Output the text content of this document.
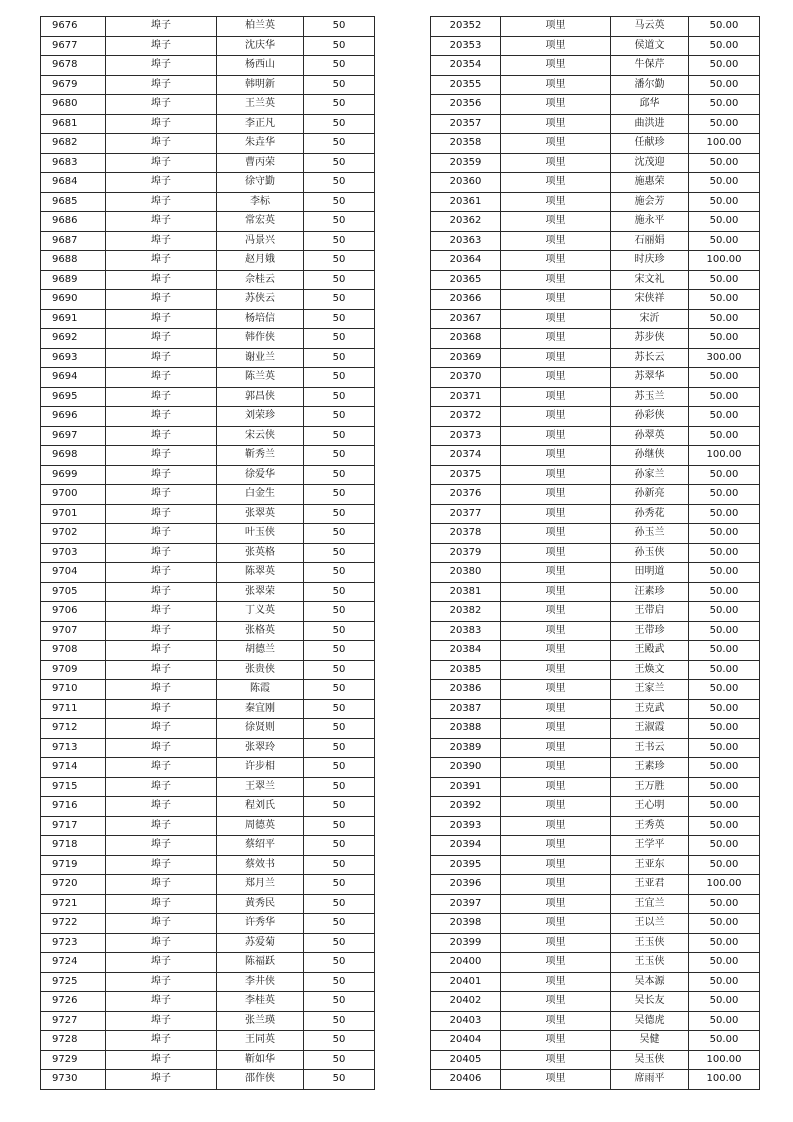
9676	埠子	柏兰英	50
9677	埠子	沈庆华	50
9678	埠子	杨西山	50
9679	埠子	韩明新	50
9680	埠子	王兰英	50
9681	埠子	李正凡	50
9682	埠子	朱垚华	50
9683	埠子	曹丙荣	50
9684	埠子	徐守勤	50
9685	埠子	李标	50
9686	埠子	常宏英	50
9687	埠子	冯景兴	50
9688	埠子	赵月娥	50
9689	埠子	佘桂云	50
9690	埠子	苏侠云	50
9691	埠子	杨培信	50
9692	埠子	韩作侠	50
9693	埠子	谢业兰	50
9694	埠子	陈兰英	50
9695	埠子	郭昌侠	50
9696	埠子	刘荣珍	50
9697	埠子	宋云侠	50
9698	埠子	靳秀兰	50
9699	埠子	徐爱华	50
9700	埠子	白金生	50
9701	埠子	张翠英	50
9702	埠子	叶玉侠	50
9703	埠子	张英格	50
9704	埠子	陈翠英	50
9705	埠子	张翠荣	50
9706	埠子	丁义英	50
9707	埠子	张格英	50
9708	埠子	胡德兰	50
9709	埠子	张贵侠	50
9710	埠子	陈霞	50
9711	埠子	秦宜刚	50
9712	埠子	徐贤则	50
9713	埠子	张翠玲	50
9714	埠子	许步相	50
9715	埠子	王翠兰	50
9716	埠子	程刘氏	50
9717	埠子	周德英	50
9718	埠子	蔡绍平	50
9719	埠子	蔡效书	50
9720	埠子	郑月兰	50
9721	埠子	黄秀民	50
9722	埠子	许秀华	50
9723	埠子	苏爱菊	50
9724	埠子	陈福跃	50
9725	埠子	李井侠	50
9726	埠子	李桂英	50
9727	埠子	张兰瑛	50
9728	埠子	王同英	50
9729	埠子	靳如华	50
9730	埠子	邵作侠	50
20352	项里	马云英	50.00
20353	项里	侯道文	50.00
20354	项里	牛保芹	50.00
20355	项里	潘尔勤	50.00
20356	项里	邱华	50.00
20357	项里	曲洪进	50.00
20358	项里	任献珍	100.00
20359	项里	沈茂迎	50.00
20360	项里	施惠荣	50.00
20361	项里	施会芳	50.00
20362	项里	施永平	50.00
20363	项里	石丽娟	50.00
20364	项里	时庆珍	100.00
20365	项里	宋文礼	50.00
20366	项里	宋侠祥	50.00
20367	项里	宋沂	50.00
20368	项里	苏步侠	50.00
20369	项里	苏长云	300.00
20370	项里	苏翠华	50.00
20371	项里	苏玉兰	50.00
20372	项里	孙彩侠	50.00
20373	项里	孙翠英	50.00
20374	项里	孙继侠	100.00
20375	项里	孙家兰	50.00
20376	项里	孙新亮	50.00
20377	项里	孙秀花	50.00
20378	项里	孙玉兰	50.00
20379	项里	孙玉侠	50.00
20380	项里	田明道	50.00
20381	项里	汪素珍	50.00
20382	项里	王带启	50.00
20383	项里	王带珍	50.00
20384	项里	王殿武	50.00
20385	项里	王焕文	50.00
20386	项里	王家兰	50.00
20387	项里	王克武	50.00
20388	项里	王淑霞	50.00
20389	项里	王书云	50.00
20390	项里	王素珍	50.00
20391	项里	王万胜	50.00
20392	项里	王心明	50.00
20393	项里	王秀英	50.00
20394	项里	王学平	50.00
20395	项里	王亚东	50.00
20396	项里	王亚君	100.00
20397	项里	王宜兰	50.00
20398	项里	王以兰	50.00
20399	项里	王玉侠	50.00
20400	项里	王玉侠	50.00
20401	项里	吴本源	50.00
20402	项里	吴长友	50.00
20403	项里	吴德虎	50.00
20404	项里	吴健	50.00
20405	项里	吴玉侠	100.00
20406	项里	席雨平	100.00
